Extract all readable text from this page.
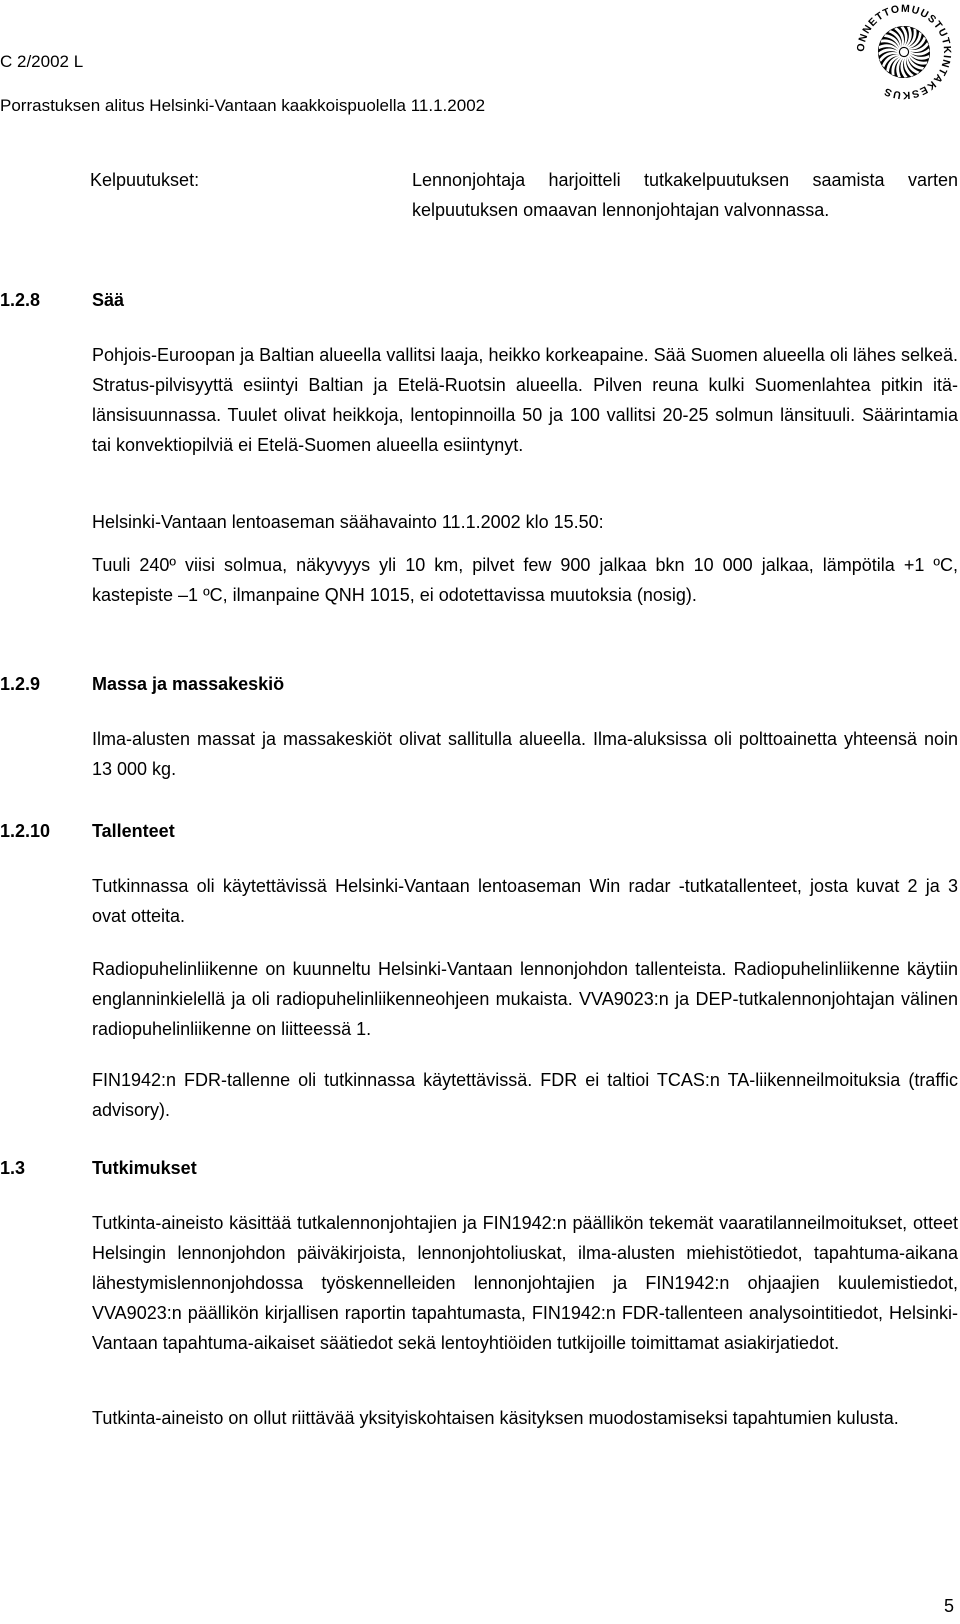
C 2/2002 L
Porrastuksen alitus Helsinki-Vantaan kaakkoispuolella 11.1.2002
ONNETTOMUUSTUTKINTAKESKUS
Kelpuutukset:	Lennonjohtaja harjoitteli tutkakelpuutuksen saamista varten kelpuutuksen omaavan lennonjohtajan valvonnassa.
1.2.8	Sää
Pohjois-Euroopan ja Baltian alueella vallitsi laaja, heikko korkeapaine. Sää Suomen alueella oli lähes selkeä. Stratus-pilvisyyttä esiintyi Baltian ja Etelä-Ruotsin alueella. Pilven reuna kulki Suomenlahtea pitkin itä-länsisuunnassa. Tuulet olivat heikkoja, lentopinnoilla 50 ja 100 vallitsi 20-25 solmun länsituuli. Säärintamia tai konvektiopilviä ei Etelä-Suomen alueella esiintynyt.
Helsinki-Vantaan lentoaseman säähavainto 11.1.2002 klo 15.50:
Tuuli 240º viisi solmua, näkyvyys yli 10 km, pilvet few 900 jalkaa bkn 10 000 jalkaa, lämpötila +1 ºC, kastepiste –1 ºC, ilmanpaine QNH 1015, ei odotettavissa muutoksia (nosig).
1.2.9	Massa ja massakeskiö
Ilma-alusten massat ja massakeskiöt olivat sallitulla alueella. Ilma-aluksissa oli polttoainetta yhteensä noin 13 000 kg.
1.2.10 Tallenteet
Tutkinnassa oli käytettävissä Helsinki-Vantaan lentoaseman Win radar -tutkatallenteet, josta kuvat 2 ja 3 ovat otteita.
Radiopuhelinliikenne on kuunneltu Helsinki-Vantaan lennonjohdon tallenteista. Radiopuhelinliikenne käytiin englanninkielellä ja oli radiopuhelinliikenneohjeen mukaista. VVA9023:n ja DEP-tutkalennonjohtajan välinen radiopuhelinliikenne on liitteessä 1.
FIN1942:n FDR-tallenne oli tutkinnassa käytettävissä. FDR ei taltioi TCAS:n TA-liikenneilmoituksia (traffic advisory).
1.3	Tutkimukset
Tutkinta-aineisto käsittää tutkalennonjohtajien ja FIN1942:n päällikön tekemät vaaratilanneilmoitukset, otteet Helsingin lennonjohdon päiväkirjoista, lennonjohtoliuskat, ilma-alusten miehistötiedot, tapahtuma-aikana lähestymislennonjohdossa työskennelleiden lennonjohtajien ja FIN1942:n ohjaajien kuulemistiedot, VVA9023:n päällikön kirjallisen raportin tapahtumasta, FIN1942:n FDR-tallenteen analysointitiedot, Helsinki-Vantaan tapahtuma-aikaiset säätiedot sekä lentoyhtiöiden tutkijoille toimittamat asiakirjatiedot.
Tutkinta-aineisto on ollut riittävää yksityiskohtaisen käsityksen muodostamiseksi tapahtumien kulusta.
5
